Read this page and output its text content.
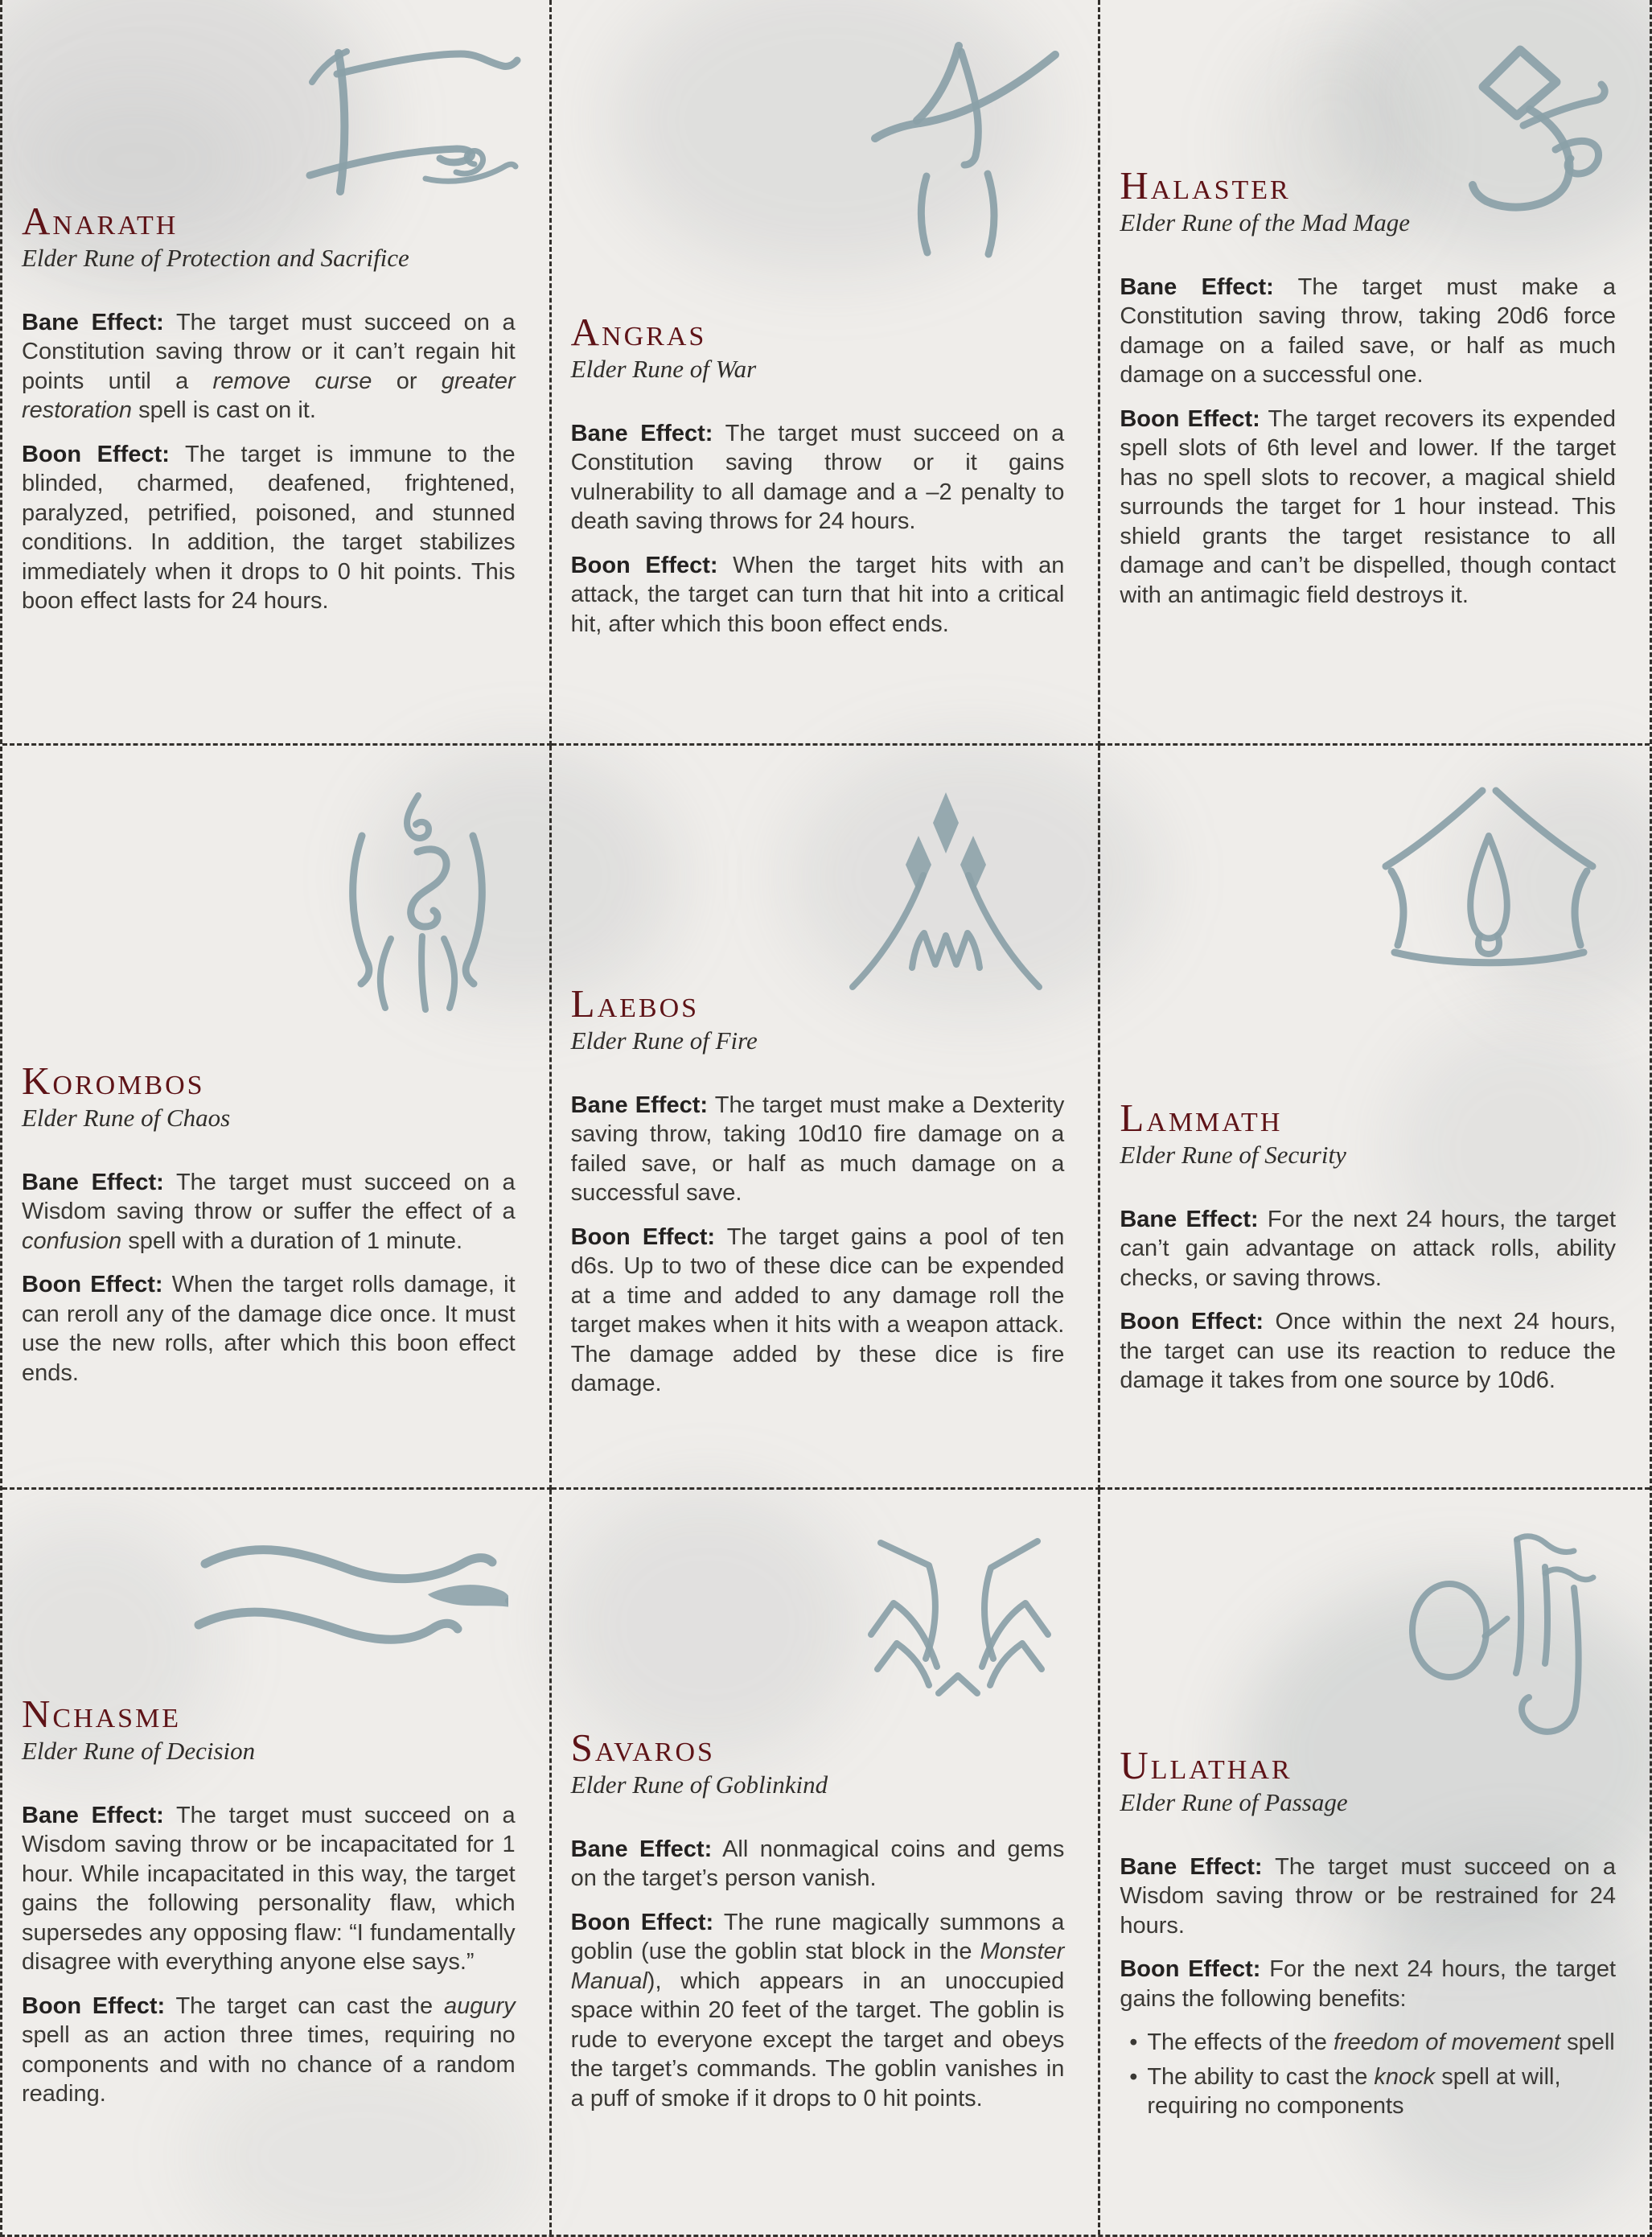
Anarath

Elder Rune of Protection and Sacrifice

Bane Effect: The target must succeed on a Constitution saving throw or it can’t regain hit points until a remove curse or greater restoration spell is cast on it.
Boon Effect: The target is immune to the blinded, charmed, deafened, frightened, paralyzed, petrified, poisoned, and stunned conditions. In addition, the target stabilizes immediately when it drops to 0 hit points. This boon effect lasts for 24 hours.
Angras

Elder Rune of War

Bane Effect: The target must succeed on a Constitution saving throw or it gains vulnerability to all damage and a –2 penalty to death saving throws for 24 hours.
Boon Effect: When the target hits with an attack, the target can turn that hit into a critical hit, after which this boon effect ends.
Halaster

Elder Rune of the Mad Mage

Bane Effect: The target must make a Constitution saving throw, taking 20d6 force damage on a failed save, or half as much damage on a successful one.
Boon Effect: The target recovers its expended spell slots of 6th level and lower. If the target has no spell slots to recover, a magical shield surrounds the target for 1 hour instead. This shield grants the target resistance to all damage and can’t be dispelled, though contact with an antimagic field destroys it.
Korombos

Elder Rune of Chaos

Bane Effect: The target must succeed on a Wisdom saving throw or suffer the effect of a confusion spell with a duration of 1 minute.
Boon Effect: When the target rolls damage, it can reroll any of the damage dice once. It must use the new rolls, after which this boon effect ends.
Laebos

Elder Rune of Fire

Bane Effect: The target must make a Dexterity saving throw, taking 10d10 fire damage on a failed save, or half as much damage on a successful save.
Boon Effect: The target gains a pool of ten d6s. Up to two of these dice can be expended at a time and added to any damage roll the target makes when it hits with a weapon attack. The damage added by these dice is fire damage.
Lammath

Elder Rune of Security

Bane Effect: For the next 24 hours, the target can’t gain advantage on attack rolls, ability checks, or saving throws.
Boon Effect: Once within the next 24 hours, the target can use its reaction to reduce the damage it takes from one source by 10d6.
Nchasme

Elder Rune of Decision

Bane Effect: The target must succeed on a Wisdom saving throw or be incapacitated for 1 hour. While incapacitated in this way, the target gains the following personality flaw, which supersedes any opposing flaw: “I fundamentally disagree with everything anyone else says.”
Boon Effect: The target can cast the augury spell as an action three times, requiring no components and with no chance of a random reading.
Savaros

Elder Rune of Goblinkind

Bane Effect: All nonmagical coins and gems on the target’s person vanish.
Boon Effect: The rune magically summons a goblin (use the goblin stat block in the Monster Manual), which appears in an unoccupied space within 20 feet of the target. The goblin is rude to everyone except the target and obeys the target’s commands. The goblin vanishes in a puff of smoke if it drops to 0 hit points.
Ullathar

Elder Rune of Passage

Bane Effect: The target must succeed on a Wisdom saving throw or be restrained for 24 hours.
Boon Effect: For the next 24 hours, the target gains the following benefits:
• The effects of the freedom of movement spell
• The ability to cast the knock spell at will, requiring no components
